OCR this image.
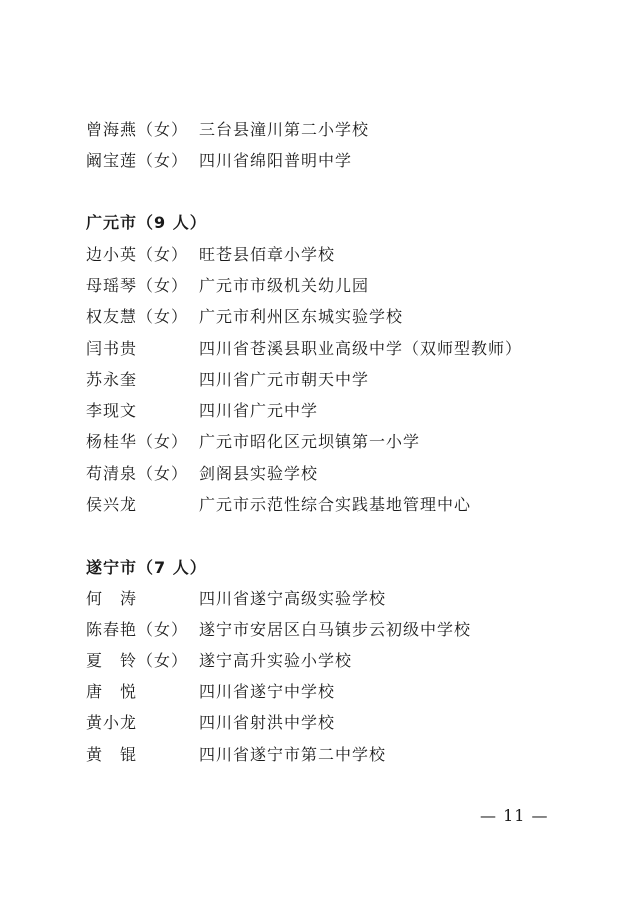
曾海燕（女） 三台县潼川第二小学校
阚宝莲（女） 四川省绵阳普明中学
广元市（9 人）
边小英（女） 旺苍县佰章小学校
母瑶琴（女） 广元市市级机关幼儿园
权友慧（女） 广元市利州区东城实验学校
闫书贵	四川省苍溪县职业高级中学（双师型教师）
苏永奎	四川省广元市朝天中学
李现文	四川省广元中学
杨桂华（女） 广元市昭化区元坝镇第一小学
苟清泉（女） 剑阁县实验学校
侯兴龙	广元市示范性综合实践基地管理中心
遂宁市（7 人）
何　涛	四川省遂宁高级实验学校
陈春艳（女） 遂宁市安居区白马镇步云初级中学校
夏　铃（女） 遂宁高升实验小学校
唐　悦	四川省遂宁中学校
黄小龙	四川省射洪中学校
黄　锟	四川省遂宁市第二中学校
— 11 —
